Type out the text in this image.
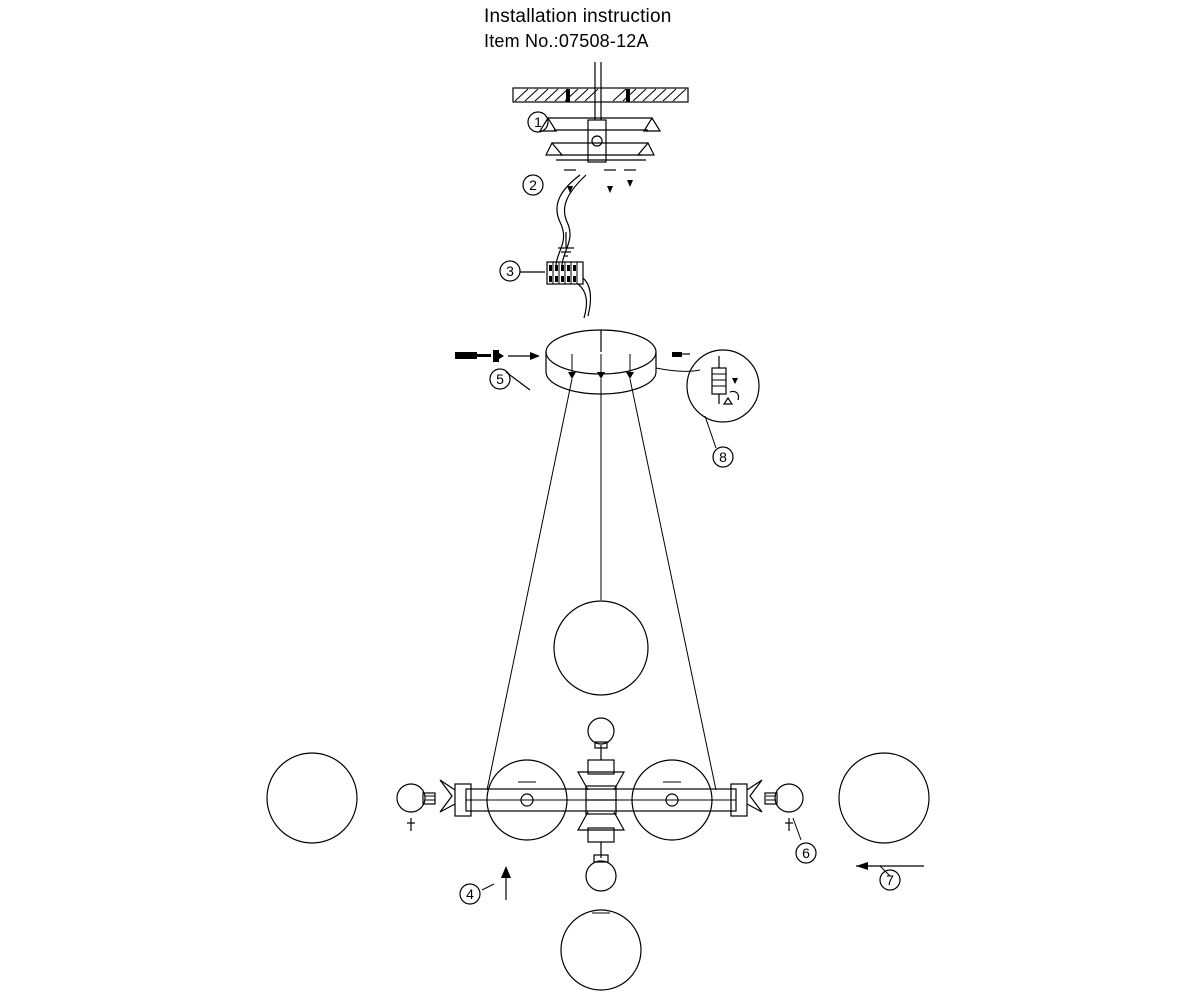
Installation instruction
Item No.:07508-12A
1
2
3
4
5
6
7
8
